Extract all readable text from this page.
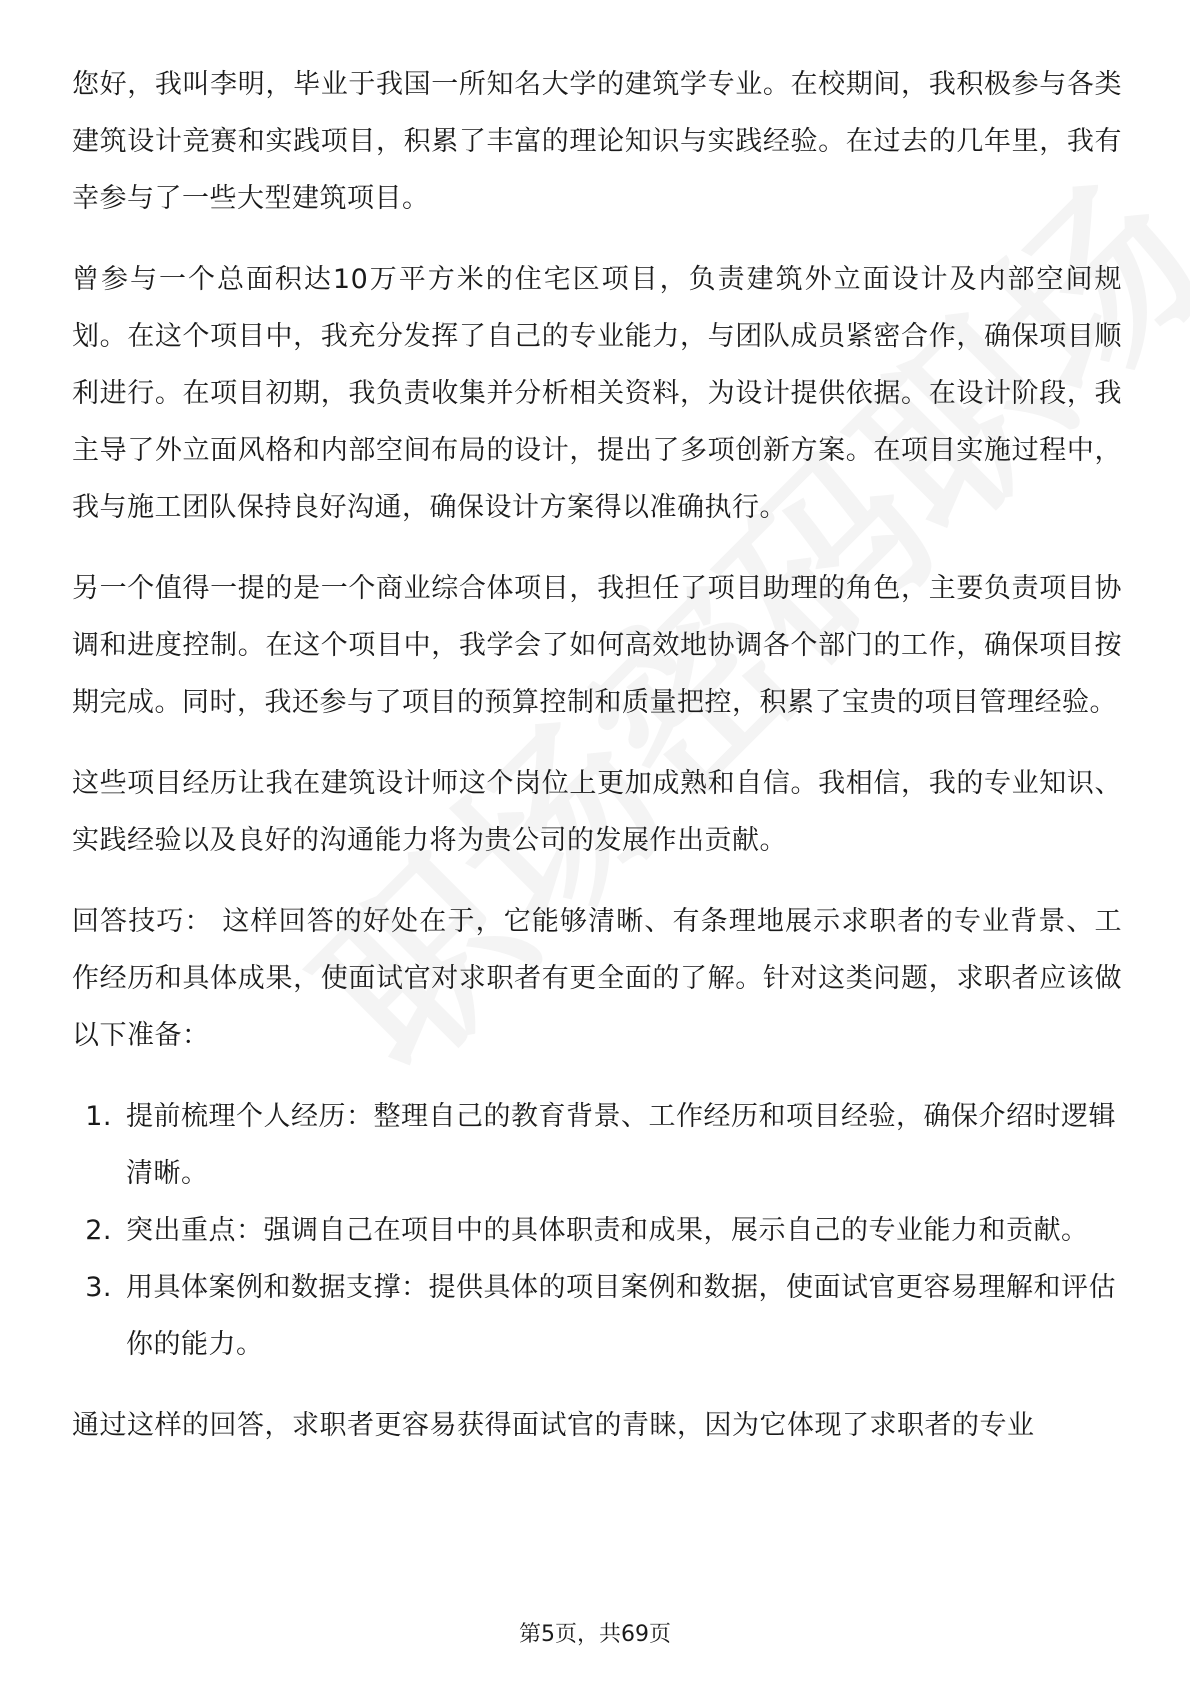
您好，我叫李明，毕业于我国一所知名大学的建筑学专业。在校期间，我积极参与各类建筑设计竞赛和实践项目，积累了丰富的理论知识与实践经验。在过去的几年里，我有幸参与了一些大型建筑项目。

曾参与一个总面积达10万平方米的住宅区项目，负责建筑外立面设计及内部空间规划。在这个项目中，我充分发挥了自己的专业能力，与团队成员紧密合作，确保项目顺利进行。在项目初期，我负责收集并分析相关资料，为设计提供依据。在设计阶段，我主导了外立面风格和内部空间布局的设计，提出了多项创新方案。在项目实施过程中，我与施工团队保持良好沟通，确保设计方案得以准确执行。

另一个值得一提的是一个商业综合体项目，我担任了项目助理的角色，主要负责项目协调和进度控制。在这个项目中，我学会了如何高效地协调各个部门的工作，确保项目按期完成。同时，我还参与了项目的预算控制和质量把控，积累了宝贵的项目管理经验。

这些项目经历让我在建筑设计师这个岗位上更加成熟和自信。我相信，我的专业知识、实践经验以及良好的沟通能力将为贵公司的发展作出贡献。

回答技巧： 这样回答的好处在于，它能够清晰、有条理地展示求职者的专业背景、工作经历和具体成果，使面试官对求职者有更全面的了解。针对这类问题，求职者应该做以下准备：

1. 提前梳理个人经历：整理自己的教育背景、工作经历和项目经验，确保介绍时逻辑清晰。
2. 突出重点：强调自己在项目中的具体职责和成果，展示自己的专业能力和贡献。
3. 用具体案例和数据支撑：提供具体的项目案例和数据，使面试官更容易理解和评估你的能力。

通过这样的回答，求职者更容易获得面试官的青睐，因为它体现了求职者的专业

第5页，共69页
